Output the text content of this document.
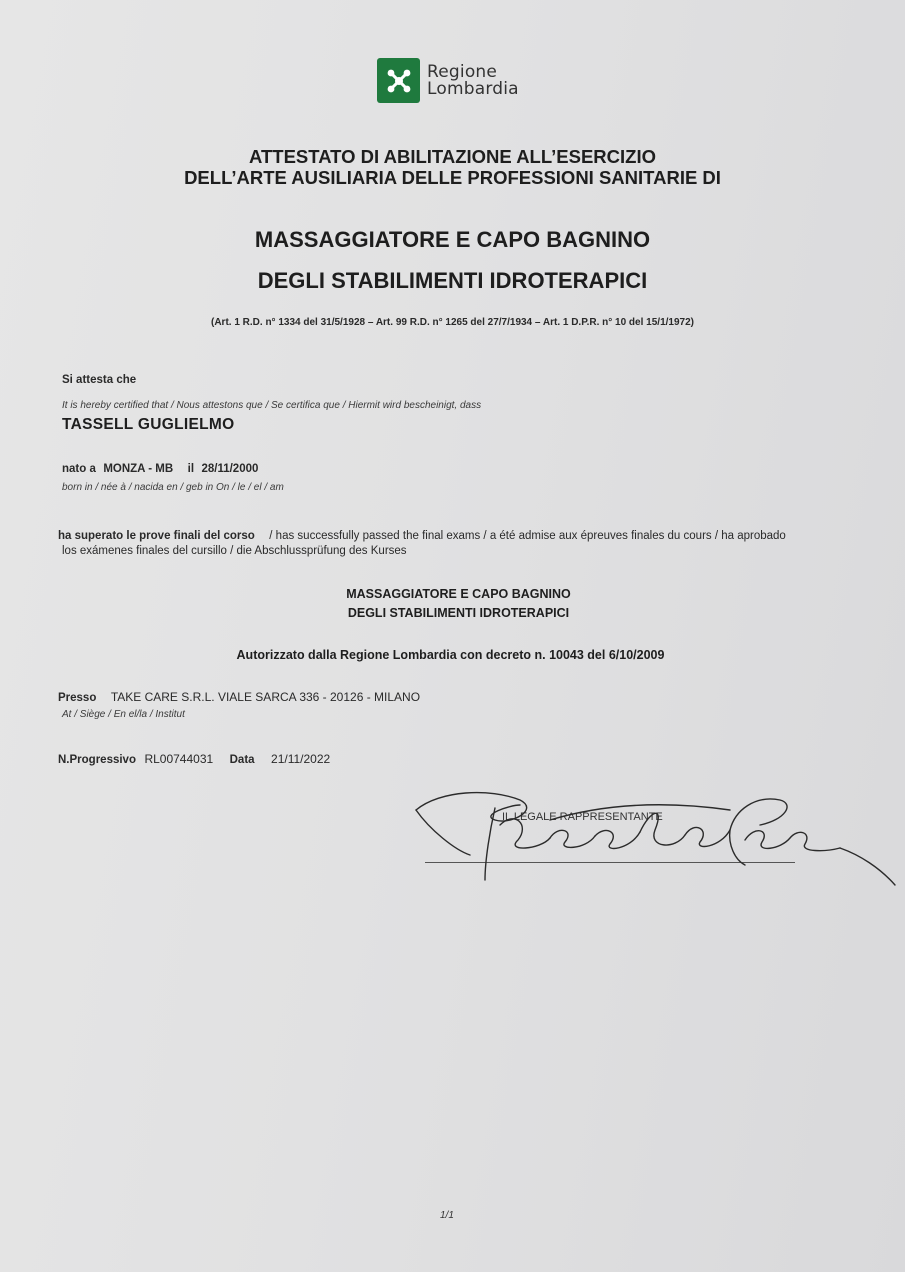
Regione
Lombardia
ATTESTATO DI ABILITAZIONE ALL’ESERCIZIO
DELL’ARTE AUSILIARIA DELLE PROFESSIONI SANITARIE DI
MASSAGGIATORE E CAPO BAGNINO
DEGLI STABILIMENTI IDROTERAPICI
(Art. 1 R.D. n° 1334 del 31/5/1928 – Art. 99 R.D. n° 1265 del 27/7/1934 – Art. 1 D.P.R. n° 10 del 15/1/1972)
Si attesta che
It is hereby certified that / Nous attestons que / Se certifica que / Hiermit wird bescheinigt, dass
TASSELL GUGLIELMO
nato a MONZA - MB il 28/11/2000
born in / née à / nacida en / geb in On / le / el / am
ha superato le prove finali del corso / has successfully passed the final exams / a été admise aux épreuves finales du cours / ha aprobado
los exámenes finales del cursillo / die Abschlussprüfung des Kurses
MASSAGGIATORE E CAPO BAGNINO
DEGLI STABILIMENTI IDROTERAPICI
Autorizzato dalla Regione Lombardia con decreto n. 10043 del 6/10/2009
Presso TAKE CARE S.R.L. VIALE SARCA 336 - 20126 - MILANO
At / Siège / En el/la / Institut
N.Progressivo RL00744031 Data 21/11/2022
IL LEGALE RAPPRESENTANTE
1/1
